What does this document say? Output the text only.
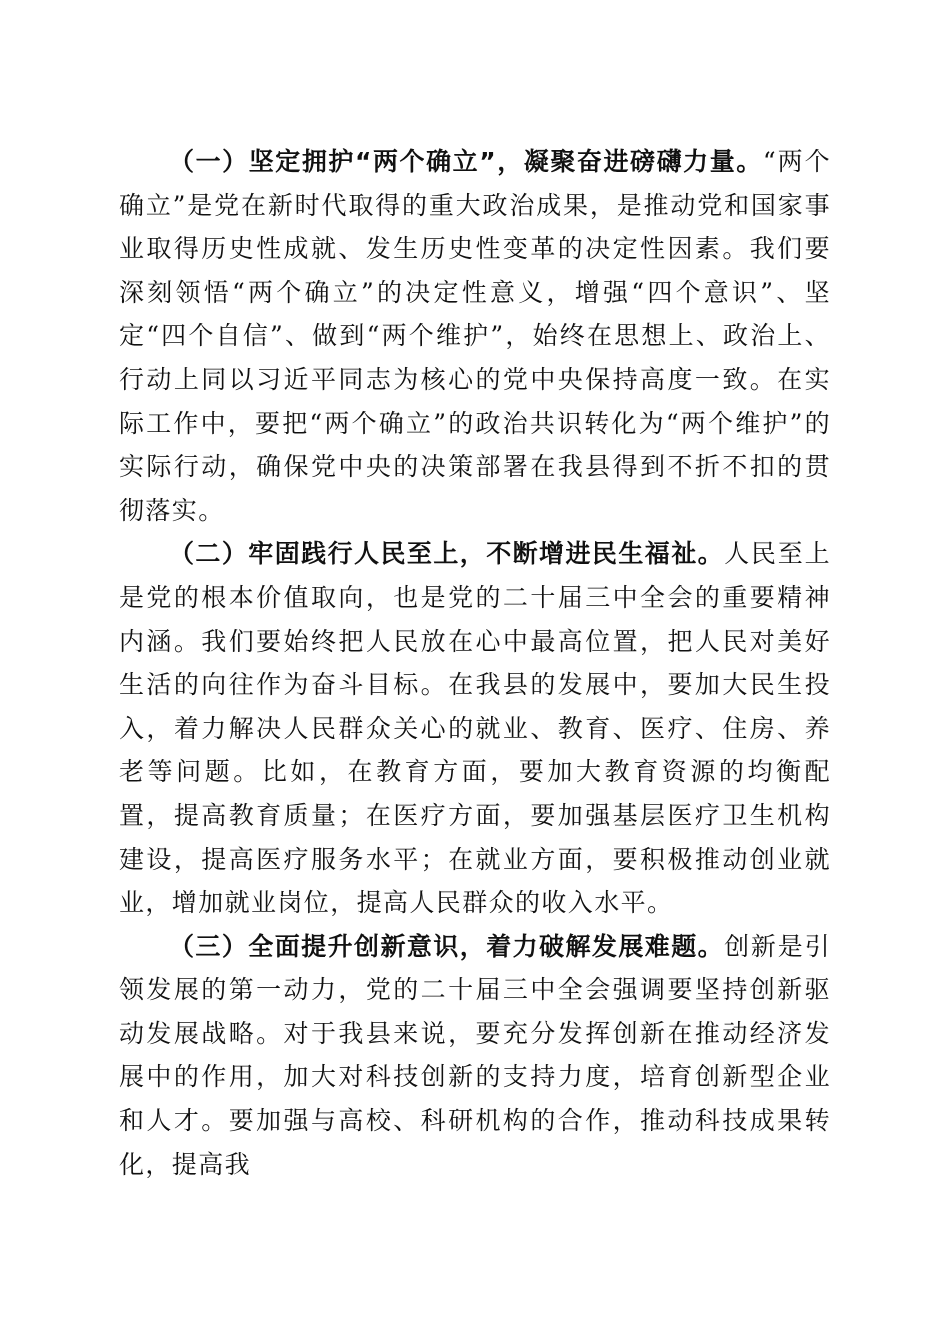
（一）坚定拥护“两个确立”，凝聚奋进磅礴力量。“两个确立”是党在新时代取得的重大政治成果，是推动党和国家事业取得历史性成就、发生历史性变革的决定性因素。我们要深刻领悟“两个确立”的决定性意义，增强“四个意识”、坚定“四个自信”、做到“两个维护”，始终在思想上、政治上、行动上同以习近平同志为核心的党中央保持高度一致。在实际工作中，要把“两个确立”的政治共识转化为“两个维护”的实际行动，确保党中央的决策部署在我县得到不折不扣的贯彻落实。

（二）牢固践行人民至上，不断增进民生福祉。人民至上是党的根本价值取向，也是党的二十届三中全会的重要精神内涵。我们要始终把人民放在心中最高位置，把人民对美好生活的向往作为奋斗目标。在我县的发展中，要加大民生投入，着力解决人民群众关心的就业、教育、医疗、住房、养老等问题。比如，在教育方面，要加大教育资源的均衡配置，提高教育质量；在医疗方面，要加强基层医疗卫生机构建设，提高医疗服务水平；在就业方面，要积极推动创业就业，增加就业岗位，提高人民群众的收入水平。

（三）全面提升创新意识，着力破解发展难题。创新是引领发展的第一动力，党的二十届三中全会强调要坚持创新驱动发展战略。对于我县来说，要充分发挥创新在推动经济发展中的作用，加大对科技创新的支持力度，培育创新型企业和人才。要加强与高校、科研机构的合作，推动科技成果转化，提高我
